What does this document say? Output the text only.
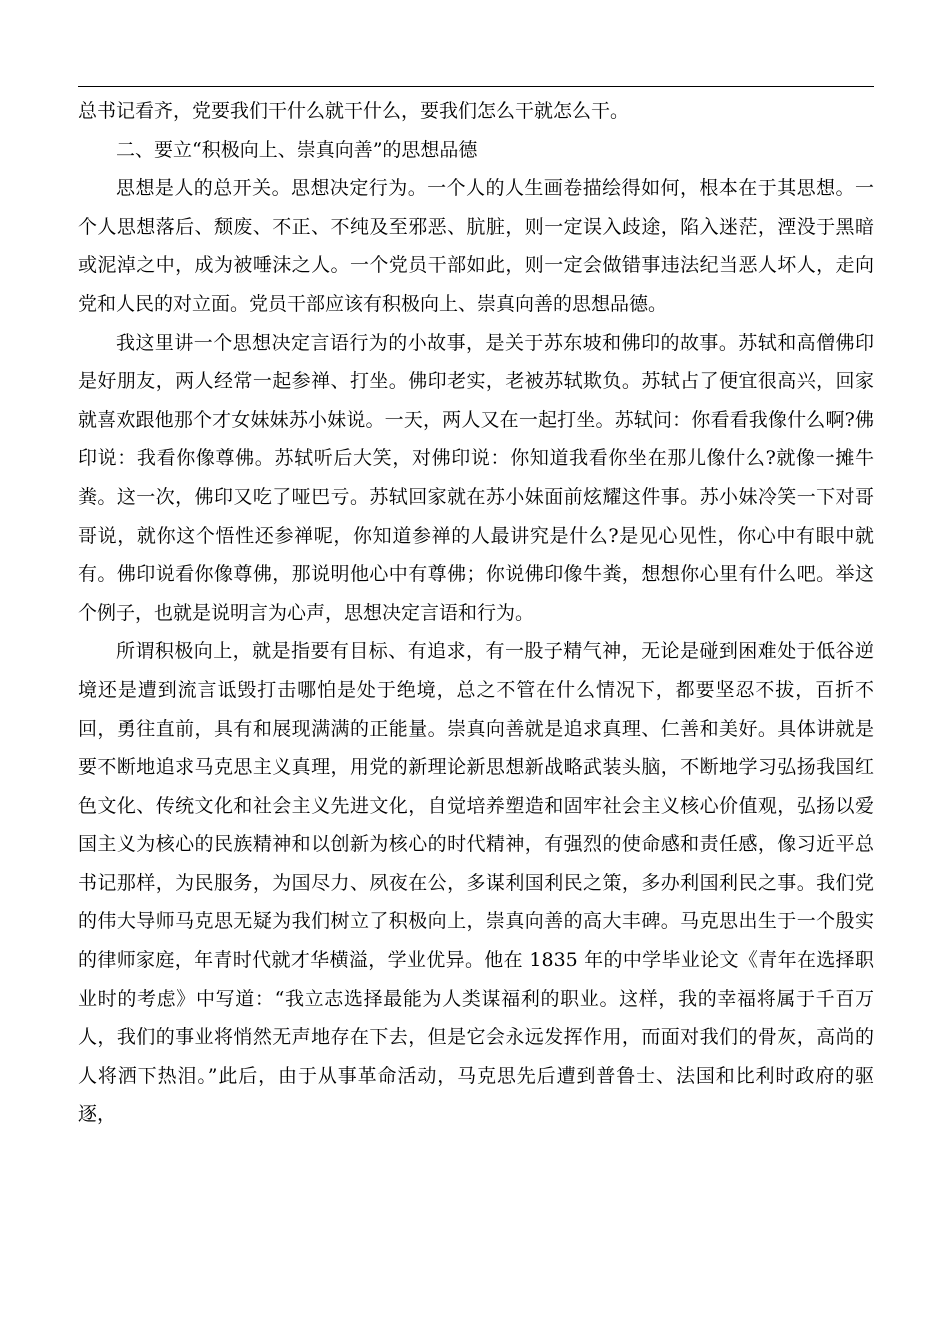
总书记看齐，党要我们干什么就干什么，要我们怎么干就怎么干。

二、要立“积极向上、崇真向善”的思想品德

思想是人的总开关。思想决定行为。一个人的人生画卷描绘得如何，根本在于其思想。一个人思想落后、颓废、不正、不纯及至邪恶、肮脏，则一定误入歧途，陷入迷茫，湮没于黑暗或泥淖之中，成为被唾沫之人。一个党员干部如此，则一定会做错事违法纪当恶人坏人，走向党和人民的对立面。党员干部应该有积极向上、崇真向善的思想品德。

我这里讲一个思想决定言语行为的小故事，是关于苏东坡和佛印的故事。苏轼和高僧佛印是好朋友，两人经常一起参禅、打坐。佛印老实，老被苏轼欺负。苏轼占了便宜很高兴，回家就喜欢跟他那个才女妹妹苏小妹说。一天，两人又在一起打坐。苏轼问：你看看我像什么啊?佛印说：我看你像尊佛。苏轼听后大笑，对佛印说：你知道我看你坐在那儿像什么?就像一摊牛粪。这一次，佛印又吃了哑巴亏。苏轼回家就在苏小妹面前炫耀这件事。苏小妹冷笑一下对哥哥说，就你这个悟性还参禅呢，你知道参禅的人最讲究是什么?是见心见性，你心中有眼中就有。佛印说看你像尊佛，那说明他心中有尊佛；你说佛印像牛粪，想想你心里有什么吧。举这个例子，也就是说明言为心声，思想决定言语和行为。

所谓积极向上，就是指要有目标、有追求，有一股子精气神，无论是碰到困难处于低谷逆境还是遭到流言诋毁打击哪怕是处于绝境，总之不管在什么情况下，都要坚忍不拔，百折不回，勇往直前，具有和展现满满的正能量。崇真向善就是追求真理、仁善和美好。具体讲就是要不断地追求马克思主义真理，用党的新理论新思想新战略武装头脑，不断地学习弘扬我国红色文化、传统文化和社会主义先进文化，自觉培养塑造和固牢社会主义核心价值观，弘扬以爱国主义为核心的民族精神和以创新为核心的时代精神，有强烈的使命感和责任感，像习近平总书记那样，为民服务，为国尽力、夙夜在公，多谋利国利民之策，多办利国利民之事。我们党的伟大导师马克思无疑为我们树立了积极向上，崇真向善的高大丰碑。马克思出生于一个殷实的律师家庭，年青时代就才华横溢，学业优异。他在 1835 年的中学毕业论文《青年在选择职业时的考虑》中写道：“我立志选择最能为人类谋福利的职业。这样，我的幸福将属于千百万人，我们的事业将悄然无声地存在下去，但是它会永远发挥作用，而面对我们的骨灰，高尚的人将洒下热泪。”此后，由于从事革命活动，马克思先后遭到普鲁士、法国和比利时政府的驱逐，
